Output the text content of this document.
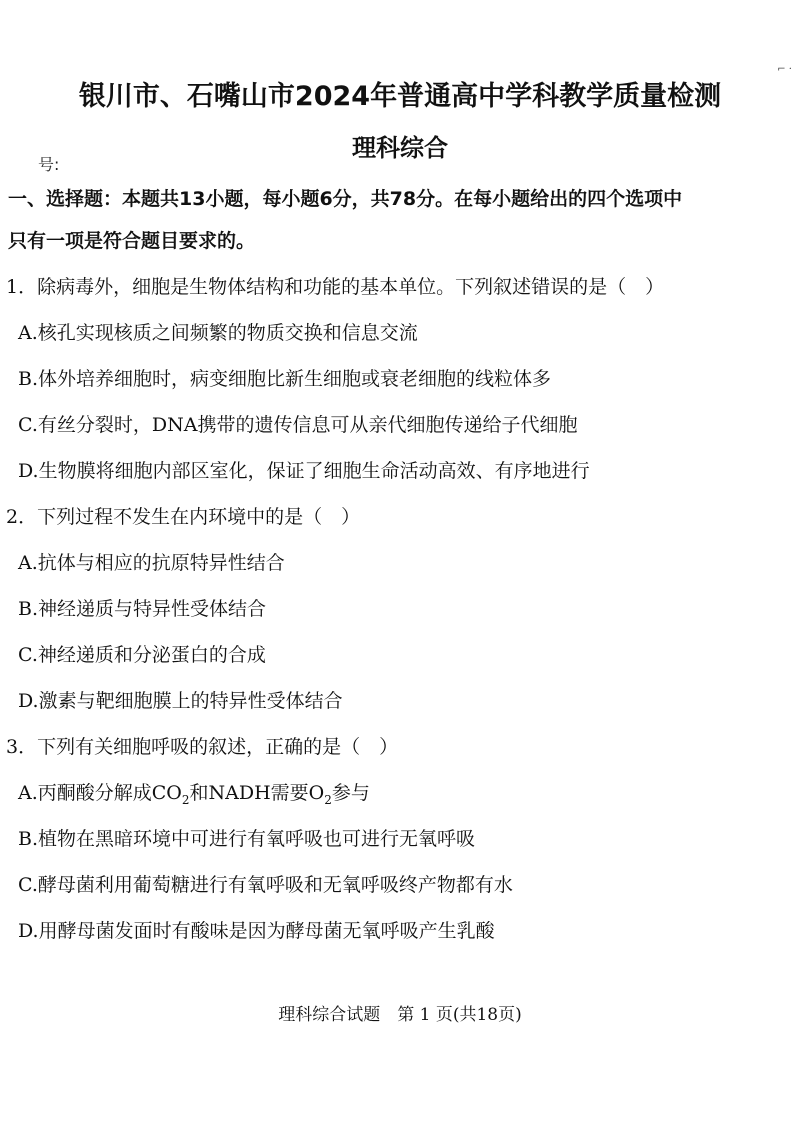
⌐ ·
银川市、石嘴山市2024年普通高中学科教学质量检测
理科综合
号:
一、选择题：本题共13小题，每小题6分，共78分。在每小题给出的四个选项中
只有一项是符合题目要求的。
1．除病毒外，细胞是生物体结构和功能的基本单位。下列叙述错误的是（　）
A.核孔实现核质之间频繁的物质交换和信息交流
B.体外培养细胞时，病变细胞比新生细胞或衰老细胞的线粒体多
C.有丝分裂时，DNA携带的遗传信息可从亲代细胞传递给子代细胞
D.生物膜将细胞内部区室化，保证了细胞生命活动高效、有序地进行
2．下列过程不发生在内环境中的是（　）
A.抗体与相应的抗原特异性结合
B.神经递质与特异性受体结合
C.神经递质和分泌蛋白的合成
D.激素与靶细胞膜上的特异性受体结合
3．下列有关细胞呼吸的叙述，正确的是（　）
A.丙酮酸分解成$CO_2$和NADH需要$O_2$参与
B.植物在黑暗环境中可进行有氧呼吸也可进行无氧呼吸
C.酵母菌利用葡萄糖进行有氧呼吸和无氧呼吸终产物都有水
D.用酵母菌发面时有酸味是因为酵母菌无氧呼吸产生乳酸
理科综合试题　第 1 页(共18页)
